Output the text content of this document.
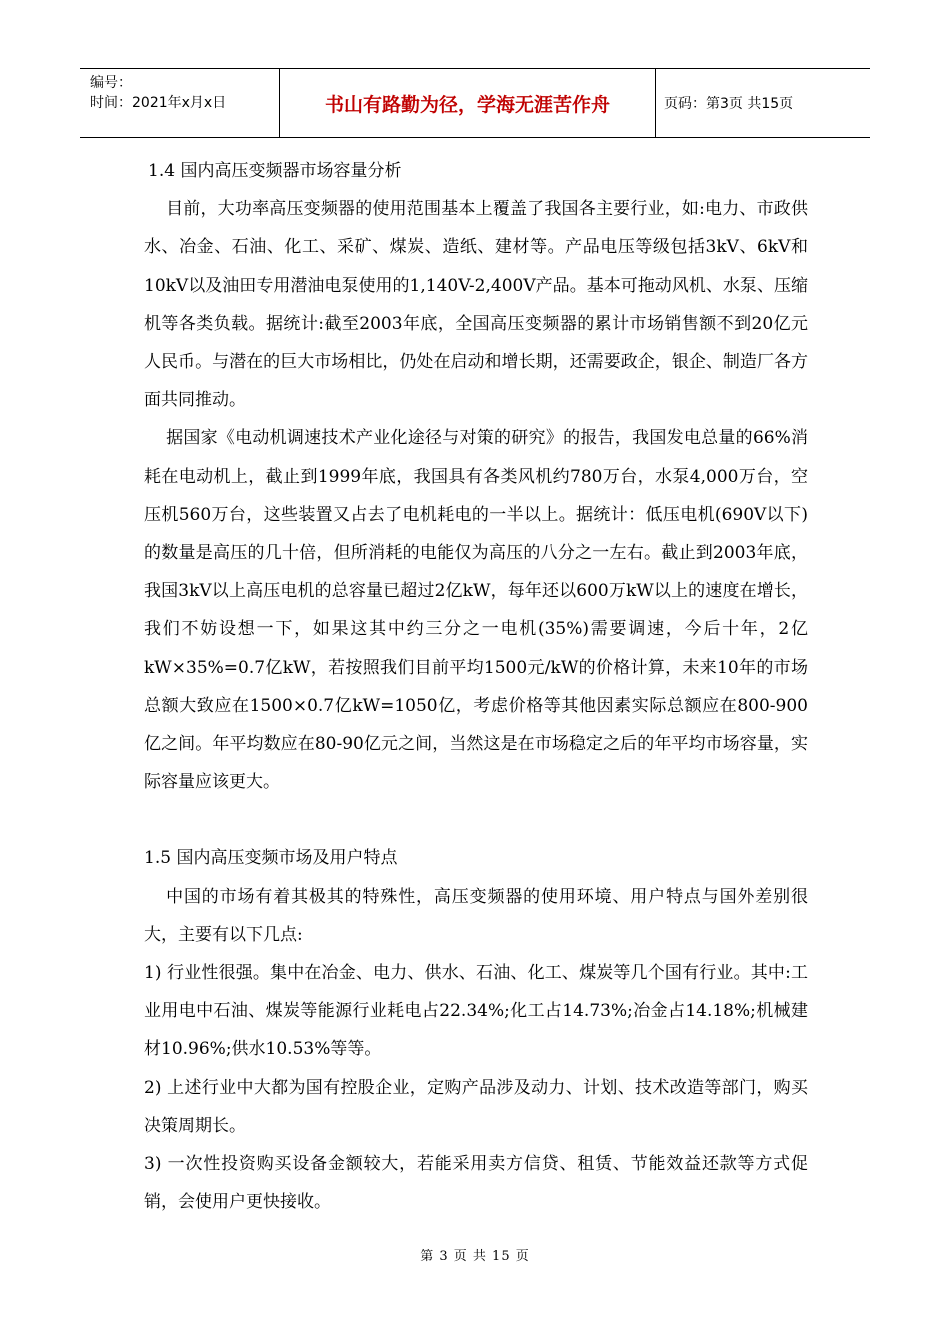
编号：
时间：2021年x月x日	书山有路勤为径，学海无涯苦作舟	页码：第3页 共15页

1.4 国内高压变频器市场容量分析

目前，大功率高压变频器的使用范围基本上覆盖了我国各主要行业，如:电力、市政供水、冶金、石油、化工、采矿、煤炭、造纸、建材等。产品电压等级包括3kV、6kV和10kV以及油田专用潜油电泵使用的1,140V-2,400V产品。基本可拖动风机、水泵、压缩机等各类负载。据统计:截至2003年底，全国高压变频器的累计市场销售额不到20亿元人民币。与潜在的巨大市场相比，仍处在启动和增长期，还需要政企，银企、制造厂各方面共同推动。

据国家《电动机调速技术产业化途径与对策的研究》的报告，我国发电总量的66%消耗在电动机上，截止到1999年底，我国具有各类风机约780万台，水泵4,000万台，空压机560万台，这些装置又占去了电机耗电的一半以上。据统计：低压电机(690V以下)的数量是高压的几十倍，但所消耗的电能仅为高压的八分之一左右。截止到2003年底，我国3kV以上高压电机的总容量已超过2亿kW，每年还以600万kW以上的速度在增长，我们不妨设想一下，如果这其中约三分之一电机(35%)需要调速，今后十年，2亿kW×35%=0.7亿kW，若按照我们目前平均1500元/kW的价格计算，未来10年的市场总额大致应在1500×0.7亿kW=1050亿，考虑价格等其他因素实际总额应在800-900亿之间。年平均数应在80-90亿元之间，当然这是在市场稳定之后的年平均市场容量，实际容量应该更大。

1.5 国内高压变频市场及用户特点

中国的市场有着其极其的特殊性，高压变频器的使用环境、用户特点与国外差别很大，主要有以下几点:

1) 行业性很强。集中在冶金、电力、供水、石油、化工、煤炭等几个国有行业。其中:工业用电中石油、煤炭等能源行业耗电占22.34%;化工占14.73%;冶金占14.18%;机械建材10.96%;供水10.53%等等。

2) 上述行业中大都为国有控股企业，定购产品涉及动力、计划、技术改造等部门，购买决策周期长。

3) 一次性投资购买设备金额较大，若能采用卖方信贷、租赁、节能效益还款等方式促销，会使用户更快接收。

第 3 页 共 15 页
